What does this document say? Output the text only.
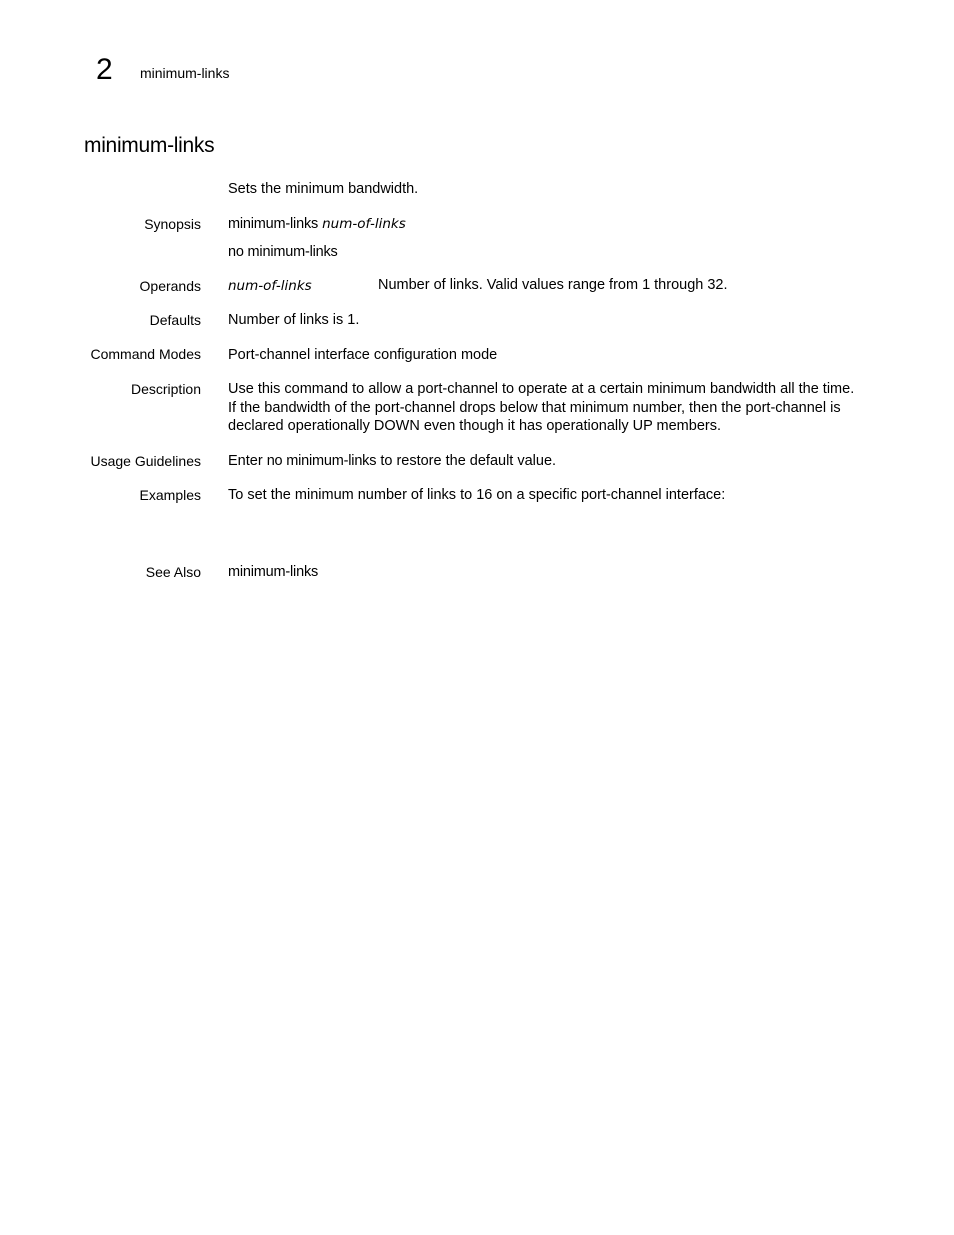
2 minimum-links
minimum-links
Sets the minimum bandwidth.
Synopsis minimum-links num-of-links
no minimum-links
Operands num-of-links	Number of links. Valid values range from 1 through 32.
Defaults Number of links is 1.
Command Modes Port-channel interface configuration mode
Description Use this command to allow a port-channel to operate at a certain minimum bandwidth all the time.
If the bandwidth of the port-channel drops below that minimum number, then the port-channel is
declared operationally DOWN even though it has operationally UP members.
Usage Guidelines Enter no minimum-links to restore the default value.
Examples To set the minimum number of links to 16 on a specific port-channel interface:
See Also minimum-links
